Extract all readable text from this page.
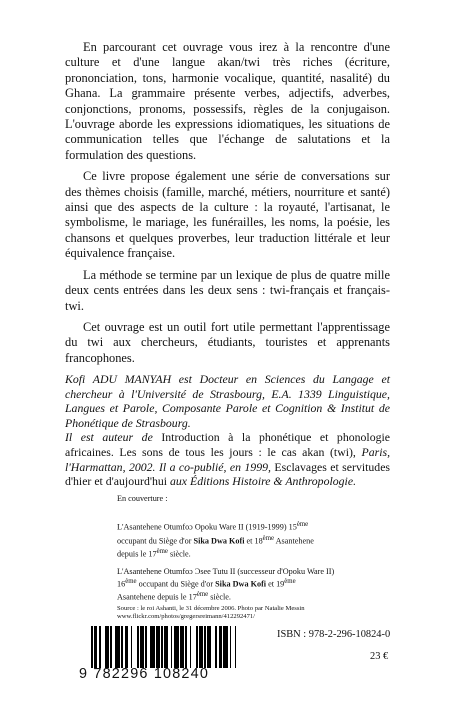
En parcourant cet ouvrage vous irez à la rencontre d'une culture et d'une langue akan/twi très riches (écriture, prononciation, tons, harmonie vocalique, quantité, nasalité) du Ghana. La grammaire présente verbes, adjectifs, adverbes, conjonctions, pronoms, possessifs, règles de la conjugaison. L'ouvrage aborde les expressions idiomatiques, les situations de communication telles que l'échange de salutations et la formulation des questions.

Ce livre propose également une série de conversations sur des thèmes choisis (famille, marché, métiers, nourriture et santé) ainsi que des aspects de la culture : la royauté, l'artisanat, le symbolisme, le mariage, les funérailles, les noms, la poésie, les chansons et quelques proverbes, leur traduction littérale et leur équivalence française.

La méthode se termine par un lexique de plus de quatre mille deux cents entrées dans les deux sens : twi-français et français-twi.

Cet ouvrage est un outil fort utile permettant l'apprentissage du twi aux chercheurs, étudiants, touristes et apprenants francophones.

Kofi ADU MANYAH est Docteur en Sciences du Langage et chercheur à l'Université de Strasbourg, E.A. 1339 Linguistique, Langues et Parole, Composante Parole et Cognition & Institut de Phonétique de Strasbourg.

Il est auteur de Introduction à la phonétique et phonologie africaines. Les sons de tous les jours : le cas akan (twi), Paris, l'Harmattan, 2002. Il a co-publié, en 1999, Esclavages et servitudes d'hier et d'aujourd'hui aux Éditions Histoire & Anthropologie.

En couverture :

L'Asantehene Otumfoɔ Opoku Ware II (1919-1999) 15ème occupant du Siège d'or Sika Dwa Kofi et 18ème Asantehene depuis le 17ème siècle.

L'Asantehene Otumfoɔ Ɔsee Tutu II (successeur d'Opoku Ware II) 16ème occupant du Siège d'or Sika Dwa Kofi et 19ème Asantehene depuis le 17ème siècle.

Source : le roi Ashanti, le 31 décembre 2006. Photo par Natalie Messin www.flickr.com/photos/gregersreimann/412292471/

9 782296 108240
ISBN : 978-2-296-10824-0
23 €
